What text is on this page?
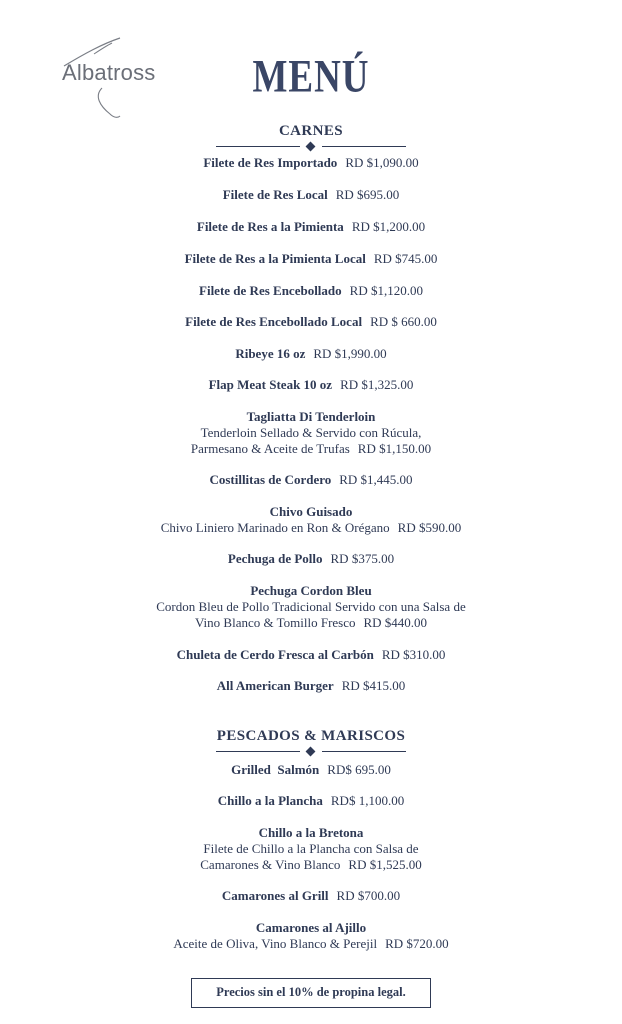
Albatross	MENÚ
CARNES
Filete de Res Importado RD $1,090.00
Filete de Res Local RD $695.00
Filete de Res a la Pimienta RD $1,200.00
Filete de Res a la Pimienta Local RD $745.00
Filete de Res Encebollado RD $1,120.00
Filete de Res Encebollado Local RD $ 660.00
Ribeye 16 oz RD $1,990.00
Flap Meat Steak 10 oz RD $1,325.00
Tagliatta Di Tenderloin
Tenderloin Sellado & Servido con Rúcula,
Parmesano & Aceite de Trufas RD $1,150.00
Costillitas de Cordero RD $1,445.00
Chivo Guisado
Chivo Liniero Marinado en Ron & Orégano RD $590.00
Pechuga de Pollo RD $375.00
Pechuga Cordon Bleu
Cordon Bleu de Pollo Tradicional Servido con una Salsa de
Vino Blanco & Tomillo Fresco RD $440.00
Chuleta de Cerdo Fresca al Carbón RD $310.00
All American Burger RD $415.00
PESCADOS & MARISCOS
Grilled  Salmón RD$ 695.00
Chillo a la Plancha RD$ 1,100.00
Chillo a la Bretona
Filete de Chillo a la Plancha con Salsa de
Camarones & Vino Blanco RD $1,525.00
Camarones al Grill RD $700.00
Camarones al Ajillo
Aceite de Oliva, Vino Blanco & Perejil RD $720.00
Precios sin el 10% de propina legal.
